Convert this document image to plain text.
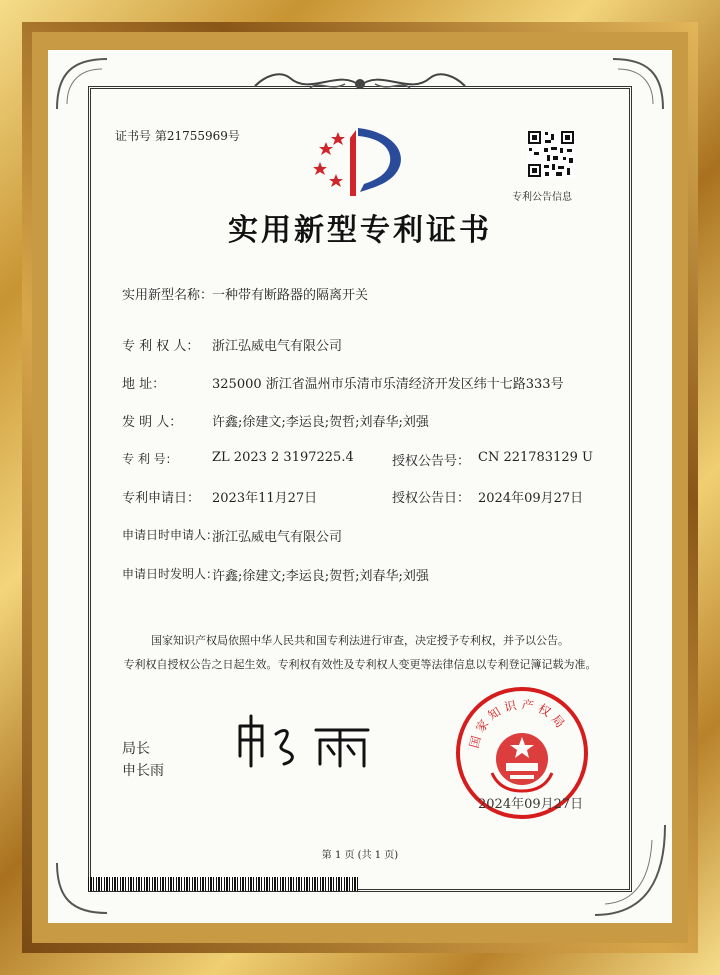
证书号 第21755969号
专利公告信息
实用新型专利证书
实用新型名称：
一种带有断路器的隔离开关
专 利 权 人： 浙江弘威电气有限公司
地 址：	325000 浙江省温州市乐清市乐清经济开发区纬十七路333号
发 明 人： 许鑫;徐建文;李运良;贺哲;刘春华;刘强
专 利 号：	ZL 2023 2 3197225.4	授权公告号： CN 221783129 U
专利申请日： 2023年11月27日	授权公告日： 2024年09月27日
申请日时申请人：
浙江弘威电气有限公司
申请日时发明人：
许鑫;徐建文;李运良;贺哲;刘春华;刘强
国家知识产权局依照中华人民共和国专利法进行审查，决定授予专利权，并予以公告。
专利权自授权公告之日起生效。专利权有效性及专利权人变更等法律信息以专利登记簿记载为准。
局长
申长雨
国家知识产权局
2024年09月27日
第 1 页 (共 1 页)
